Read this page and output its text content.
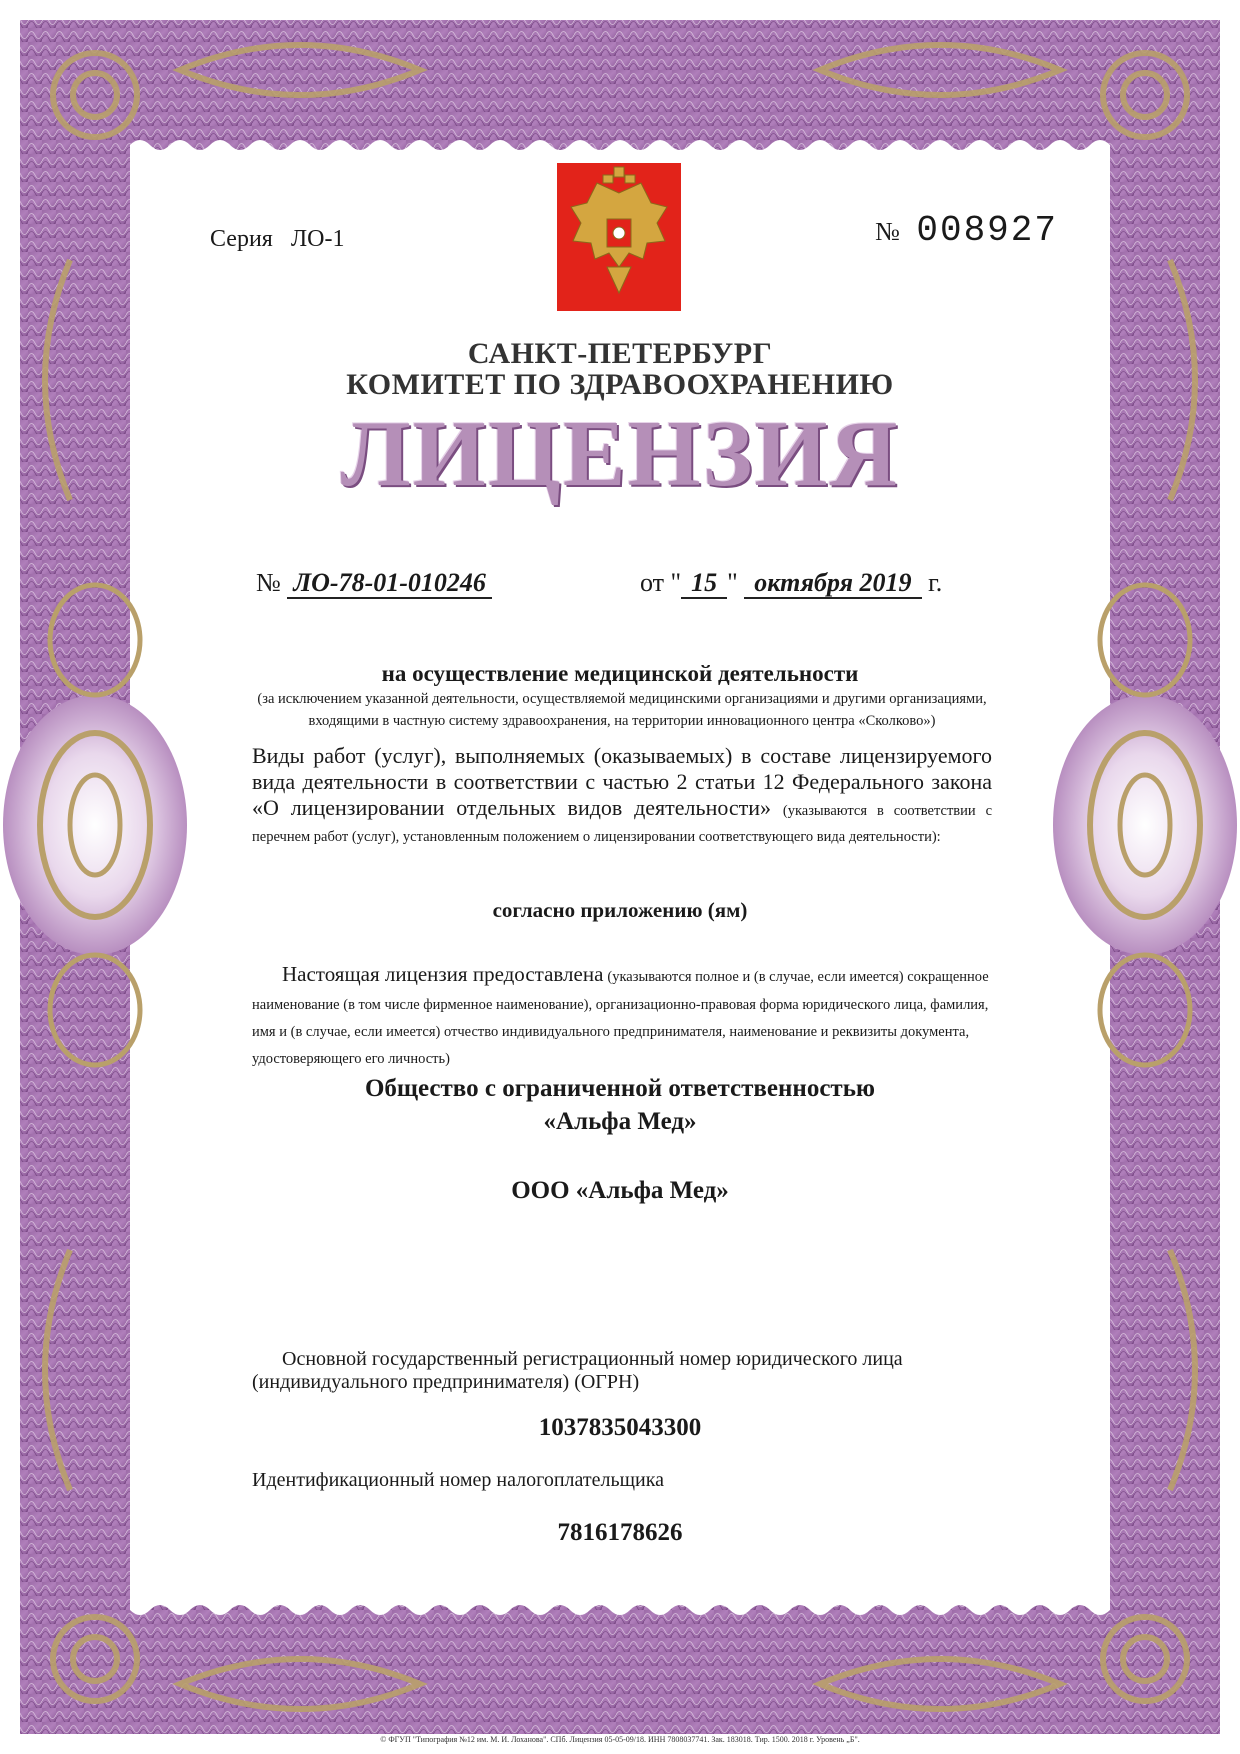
Серия ЛО-1	№ 008927
САНКТ-ПЕТЕРБУРГ
КОМИТЕТ ПО ЗДРАВООХРАНЕНИЮ
ЛИЦЕНЗИЯ
№ ЛО-78-01-010246	от " 15 " октября 2019 г.
на осуществление медицинской деятельности
(за исключением указанной деятельности, осуществляемой медицинскими организациями и другими организациями, входящими в частную систему здравоохранения, на территории инновационного центра «Сколково»)
Виды работ (услуг), выполняемых (оказываемых) в составе лицензируемого вида деятельности в соответствии с частью 2 статьи 12 Федерального закона «О лицензировании отдельных видов деятельности» (указываются в соответствии с перечнем работ (услуг), установленным положением о лицензировании соответствующего вида деятельности):
согласно приложению (ям)
Настоящая лицензия предоставлена (указываются полное и (в случае, если имеется) сокращенное наименование (в том числе фирменное наименование), организационно-правовая форма юридического лица, фамилия, имя и (в случае, если имеется) отчество индивидуального предпринимателя, наименование и реквизиты документа, удостоверяющего его личность)
Общество с ограниченной ответственностью
«Альфа Мед»
ООО «Альфа Мед»
Основной государственный регистрационный номер юридического лица
(индивидуального предпринимателя) (ОГРН)
1037835043300
Идентификационный номер налогоплательщика
7816178626
© ФГУП "Типография №12 им. М. И. Лоханова". СПб. Лицензия 05-05-09/18. ИНН 7808037741. Зак. 183018. Тир. 1500. 2018 г. Уровень „Б".
